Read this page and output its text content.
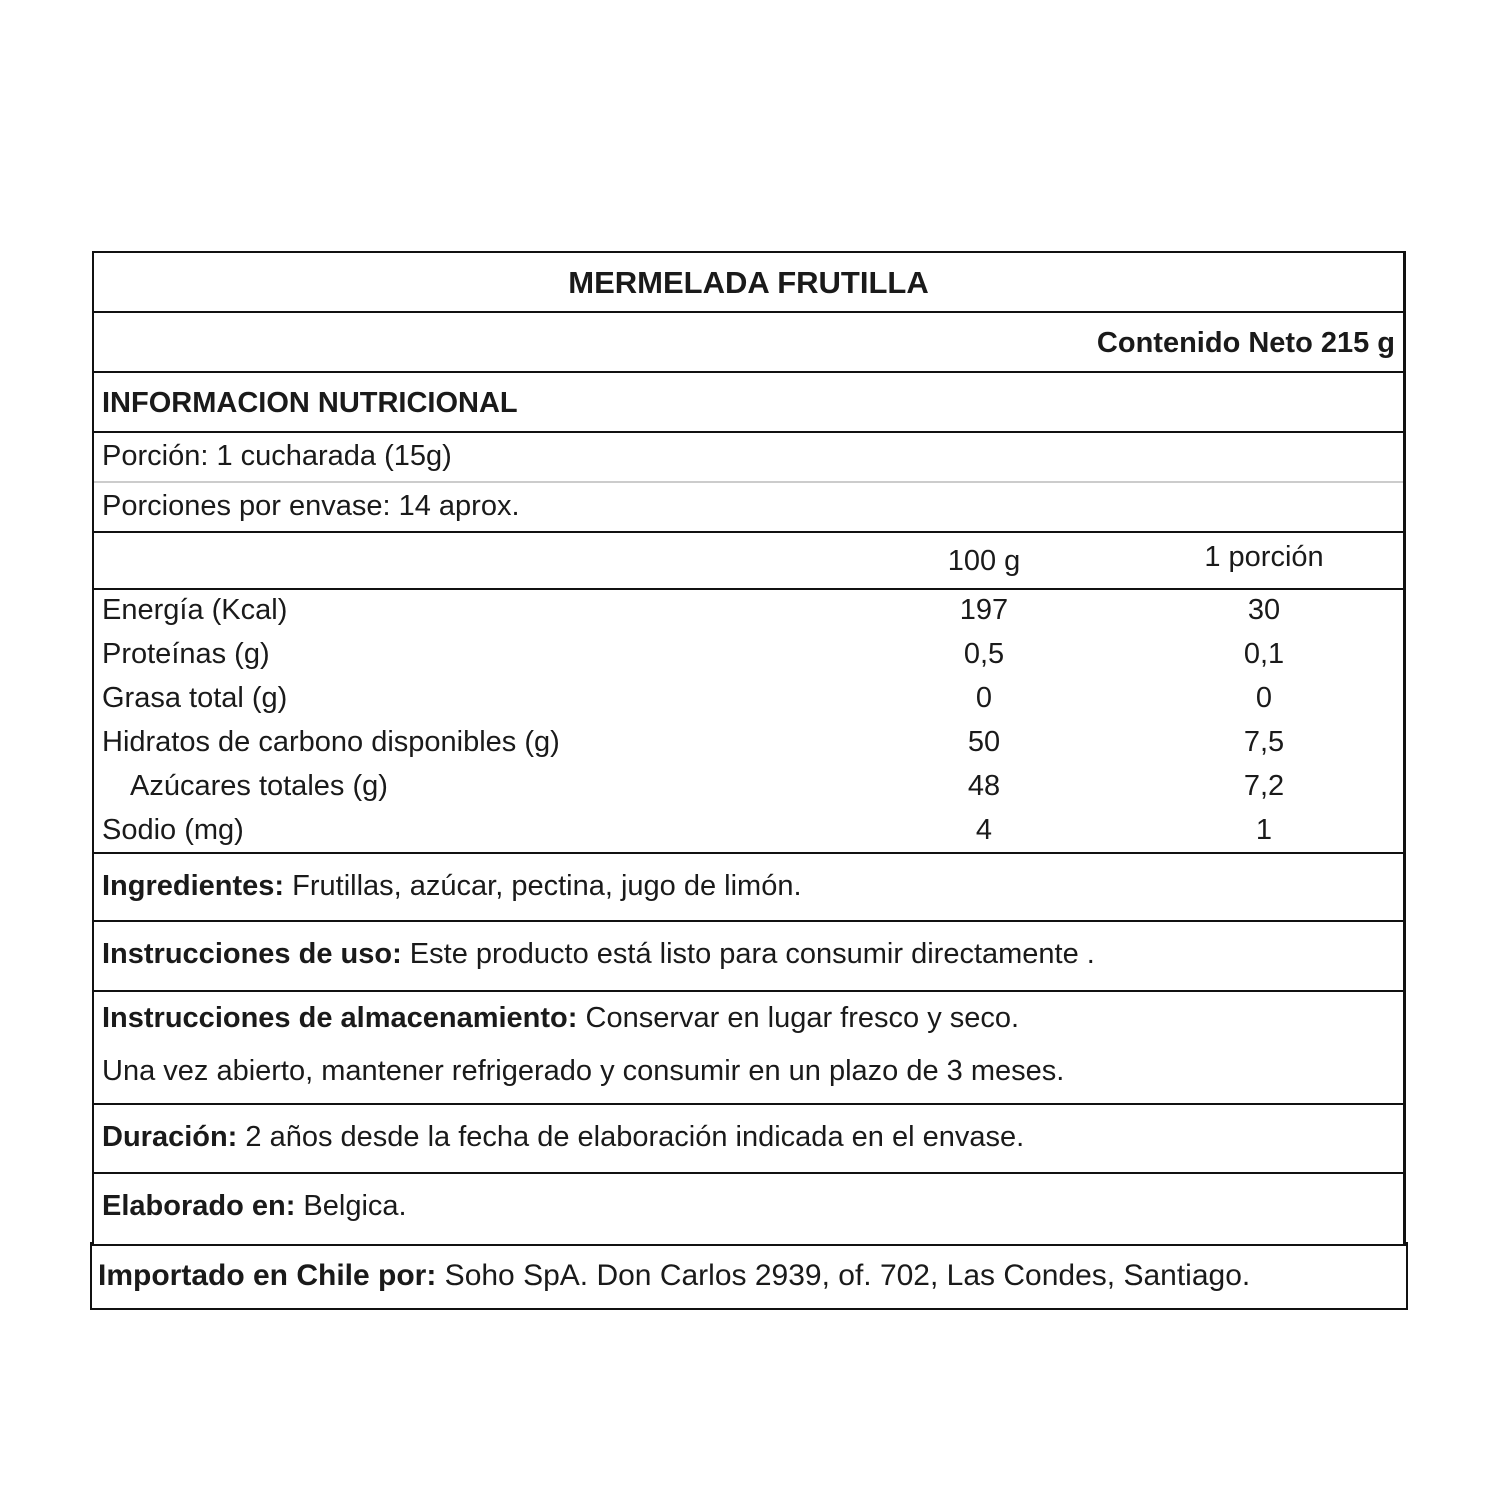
MERMELADA FRUTILLA
Contenido Neto 215 g
INFORMACION NUTRICIONAL
Porción: 1 cucharada (15g)
Porciones por envase: 14 aprox.
100 g	1 porción
Energía (Kcal)	197	30
Proteínas (g)	0,5	0,1
Grasa total (g)	0	0
Hidratos de carbono disponibles (g)	50	7,5
Azúcares totales (g)	48	7,2
Sodio (mg)	4	1
Ingredientes: Frutillas, azúcar, pectina, jugo de limón.
Instrucciones de uso: Este producto está listo para consumir directamente .
Instrucciones de almacenamiento: Conservar en lugar fresco y seco.
Una vez abierto, mantener refrigerado y consumir en un plazo de 3 meses.
Duración: 2 años desde la fecha de elaboración indicada en el envase.
Elaborado en: Belgica.
Importado en Chile por: Soho SpA. Don Carlos 2939, of. 702, Las Condes, Santiago.
